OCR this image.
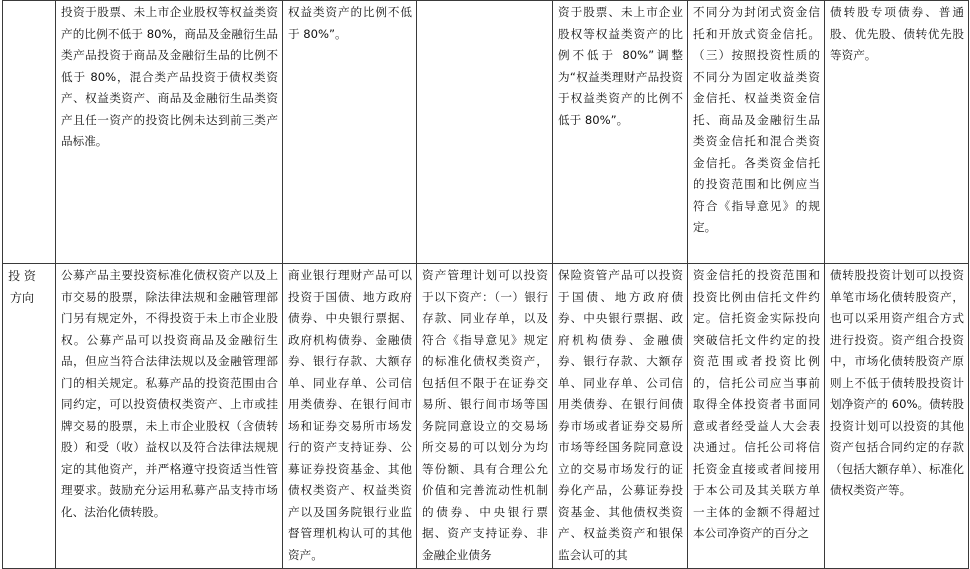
	投资于股票、未上市企业股权等权益类资产的比例不低于 80%，商品及金融衍生品类产品投资于商品及金融衍生品的比例不低于 80%，混合类产品投资于债权类资产、权益类资产、商品及金融衍生品类资产且任一资产的投资比例未达到前三类产品标准。	权益类资产的比例不低于 80%”。		资于股票、未上市企业股权等权益类资产的比例不低于 80%”调整为“权益类理财产品投资于权益类资产的比例不低于 80%”。	不同分为封闭式资金信托和开放式资金信托。（三）按照投资性质的不同分为固定收益类资金信托、权益类资金信托、商品及金融衍生品类资金信托和混合类资金信托。各类资金信托的投资范围和比例应当符合《指导意见》的规定。	债转股专项债券、普通股、优先股、债转优先股等资产。
投 资方向	公募产品主要投资标准化债权资产以及上市交易的股票，除法律法规和金融管理部门另有规定外，不得投资于未上市企业股权。公募产品可以投资商品及金融衍生品，但应当符合法律法规以及金融管理部门的相关规定。私募产品的投资范围由合同约定，可以投资债权类资产、上市或挂牌交易的股票，未上市企业股权（含债转股）和受（收）益权以及符合法律法规规定的其他资产，并严格遵守投资适当性管理要求。鼓励充分运用私募产品支持市场化、法治化债转股。	商业银行理财产品可以投资于国债、地方政府债券、中央银行票据、政府机构债券、金融债券、银行存款、大额存单、同业存单、公司信用类债券、在银行间市场和证券交易所市场发行的资产支持证券、公募证券投资基金、其他债权类资产、权益类资产以及国务院银行业监督管理机构认可的其他资产。	资产管理计划可以投资于以下资产：（一）银行存款、同业存单，以及符合《指导意见》规定的标准化债权类资产，包括但不限于在证券交易所、银行间市场等国务院同意设立的交易场所交易的可以划分为均等份额、具有合理公允价值和完善流动性机制的债券、中央银行票据、资产支持证券、非金融企业债务	保险资管产品可以投资于国债、地方政府债券、中央银行票据、政府机构债券、金融债券、银行存款、大额存单、同业存单、公司信用类债券、在银行间债券市场或者证券交易所市场等经国务院同意设立的交易市场发行的证券化产品，公募证券投资基金、其他债权类资产、权益类资产和银保监会认可的其	资金信托的投资范围和投资比例由信托文件约定。信托资金实际投向突破信托文件约定的投资范围或者投资比例的，信托公司应当事前取得全体投资者书面同意或者经受益人大会表决通过。信托公司将信托资金直接或者间接用于本公司及其关联方单一主体的金额不得超过本公司净资产的百分之	债转股投资计划可以投资单笔市场化债转股资产，也可以采用资产组合方式进行投资。资产组合投资中，市场化债转股资产原则上不低于债转股投资计划净资产的 60%。债转股投资计划可以投资的其他资产包括合同约定的存款（包括大额存单）、标准化债权类资产等。
